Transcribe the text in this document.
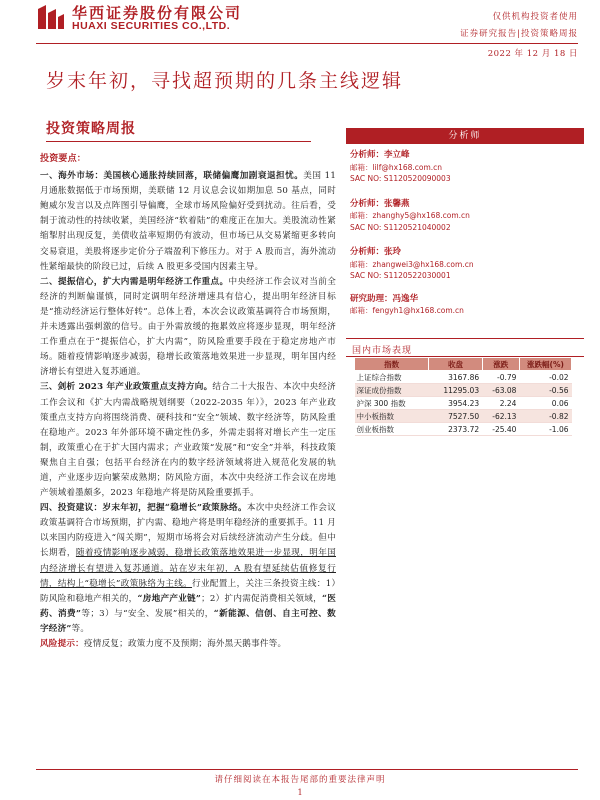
华西证券股份有限公司
HUAXI SECURITIES CO.,LTD.
仅供机构投资者使用
证券研究报告|投资策略周报
2022 年 12 月 18 日
岁末年初，寻找超预期的几条主线逻辑
投资策略周报
投资要点：

一、海外市场：美国核心通胀持续回落，联储偏鹰加剧衰退担忧。美国 11 月通胀数据低于市场预期，美联储 12 月议息会议如期加息 50 基点，同时鲍威尔发言以及点阵图引导偏鹰，全球市场风险偏好受到扰动。往后看，受制于流动性的持续收紧，美国经济“软着陆”的难度正在加大。美股流动性紧缩掣肘出现反复，美债收益率短期仍有波动，但市场已从交易紧缩更多转向交易衰退，美股将逐步定价分子端盈利下修压力。对于 A 股而言，海外流动性紧缩最快的阶段已过，后续 A 股更多受国内因素主导。

二、提振信心，扩大内需是明年经济工作重点。中央经济工作会议对当前全经济的判断偏谨慎，同时定调明年经济增速具有信心，提出明年经济目标是“推动经济运行整体好转”。总体上看，本次会议政策基调符合市场预期，并未透露出强刺激的信号。由于外需放缓的拖累效应将逐步显现，明年经济工作重点在于“提振信心，扩大内需”，防风险重要手段在于稳定房地产市场。随着疫情影响逐步减弱，稳增长政策落地效果进一步显现，明年国内经济增长有望进入复苏通道。

三、剑析 2023 年产业政策重点支持方向。结合二十大报告、本次中央经济工作会议和《扩大内需战略规划纲要（2022-2035 年）》，2023 年产业政策重点支持方向将围绕消费、硬科技和“安全”领域、数字经济等，防风险重在稳地产。2023 年外部环境不确定性仍多，外需走弱将对增长产生一定压制，政策重心在于扩大国内需求；产业政策“发展”和“安全”并举，科技政策聚焦自主自强；包括平台经济在内的数字经济领域将进入规范化发展的轨道，产业逐步迈向繁荣成熟期；防风险方面，本次中央经济工作会议在房地产领域着墨颇多，2023 年稳地产将是防风险重要抓手。

四、投资建议：岁末年初，把握“稳增长”政策脉络。本次中央经济工作会议政策基调符合市场预期，扩内需、稳地产将是明年稳经济的重要抓手。11 月以来国内防疫进入“闯关期”，短期市场将会对后续经济流动产生分歧。但中长期看，随着疫情影响逐步减弱，稳增长政策落地效果进一步显现，明年国内经济增长有望进入复苏通道。站在岁末年初，A 股有望延续估值修复行情，结构上“稳增长”政策脉络为主线。行业配置上，关注三条投资主线：1）防风险和稳地产相关的，“房地产产业链”；2）扩内需促消费相关领域，“医药、消费”等；3）与“安全、发展”相关的，“新能源、信创、自主可控、数字经济”等。

风险提示：疫情反复；政策力度不及预期；海外黑天鹅事件等。

分析师
分析师：李立峰
邮箱：lilf@hx168.com.cn
SAC NO: S1120520090003
分析师：张馨燕
邮箱：zhanghy5@hx168.com.cn
SAC NO: S1120521040002
分析师：张玲
邮箱：zhangwei3@hx168.com.cn
SAC NO: S1120522030001
研究助理：冯逸华
邮箱：fengyh1@hx168.com.cn
国内市场表现
指数	收盘	涨跌	涨跌幅(%)
上证综合指数	3167.86	-0.79	-0.02
深证成份指数	11295.03	-63.08	-0.56
沪深 300 指数	3954.23	2.24	0.06
中小板指数	7527.50	-62.13	-0.82
创业板指数	2373.72	-25.40	-1.06
请仔细阅读在本报告尾部的重要法律声明
1
